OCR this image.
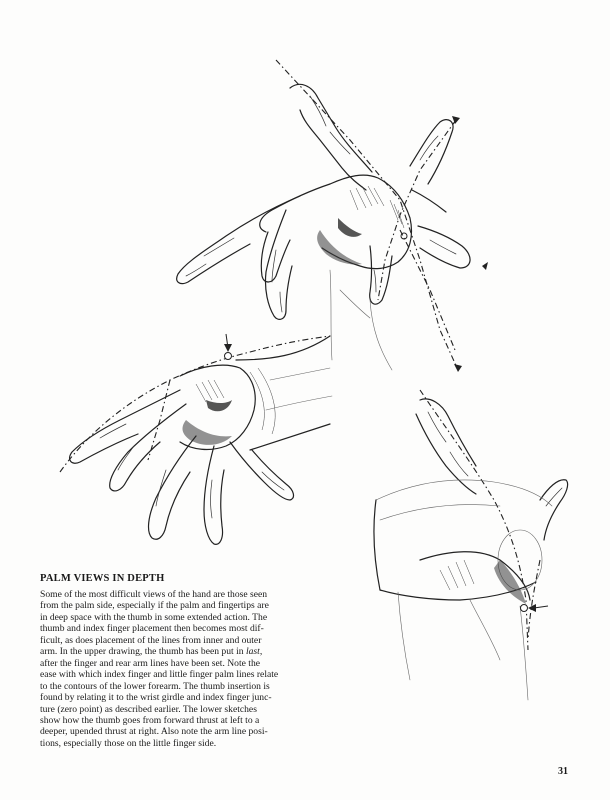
PALM VIEWS IN DEPTH

Some of the most difficult views of the hand are those seen
from the palm side, especially if the palm and fingertips are
in deep space with the thumb in some extended action. The
thumb and index finger placement then becomes most dif-
ficult, as does placement of the lines from inner and outer
arm. In the upper drawing, the thumb has been put in last,
after the finger and rear arm lines have been set. Note the
ease with which index finger and little finger palm lines relate
to the contours of the lower forearm. The thumb insertion is
found by relating it to the wrist girdle and index finger junc-
ture (zero point) as described earlier. The lower sketches
show how the thumb goes from forward thrust at left to a
deeper, upended thrust at right. Also note the arm line posi-
tions, especially those on the little finger side.

31
